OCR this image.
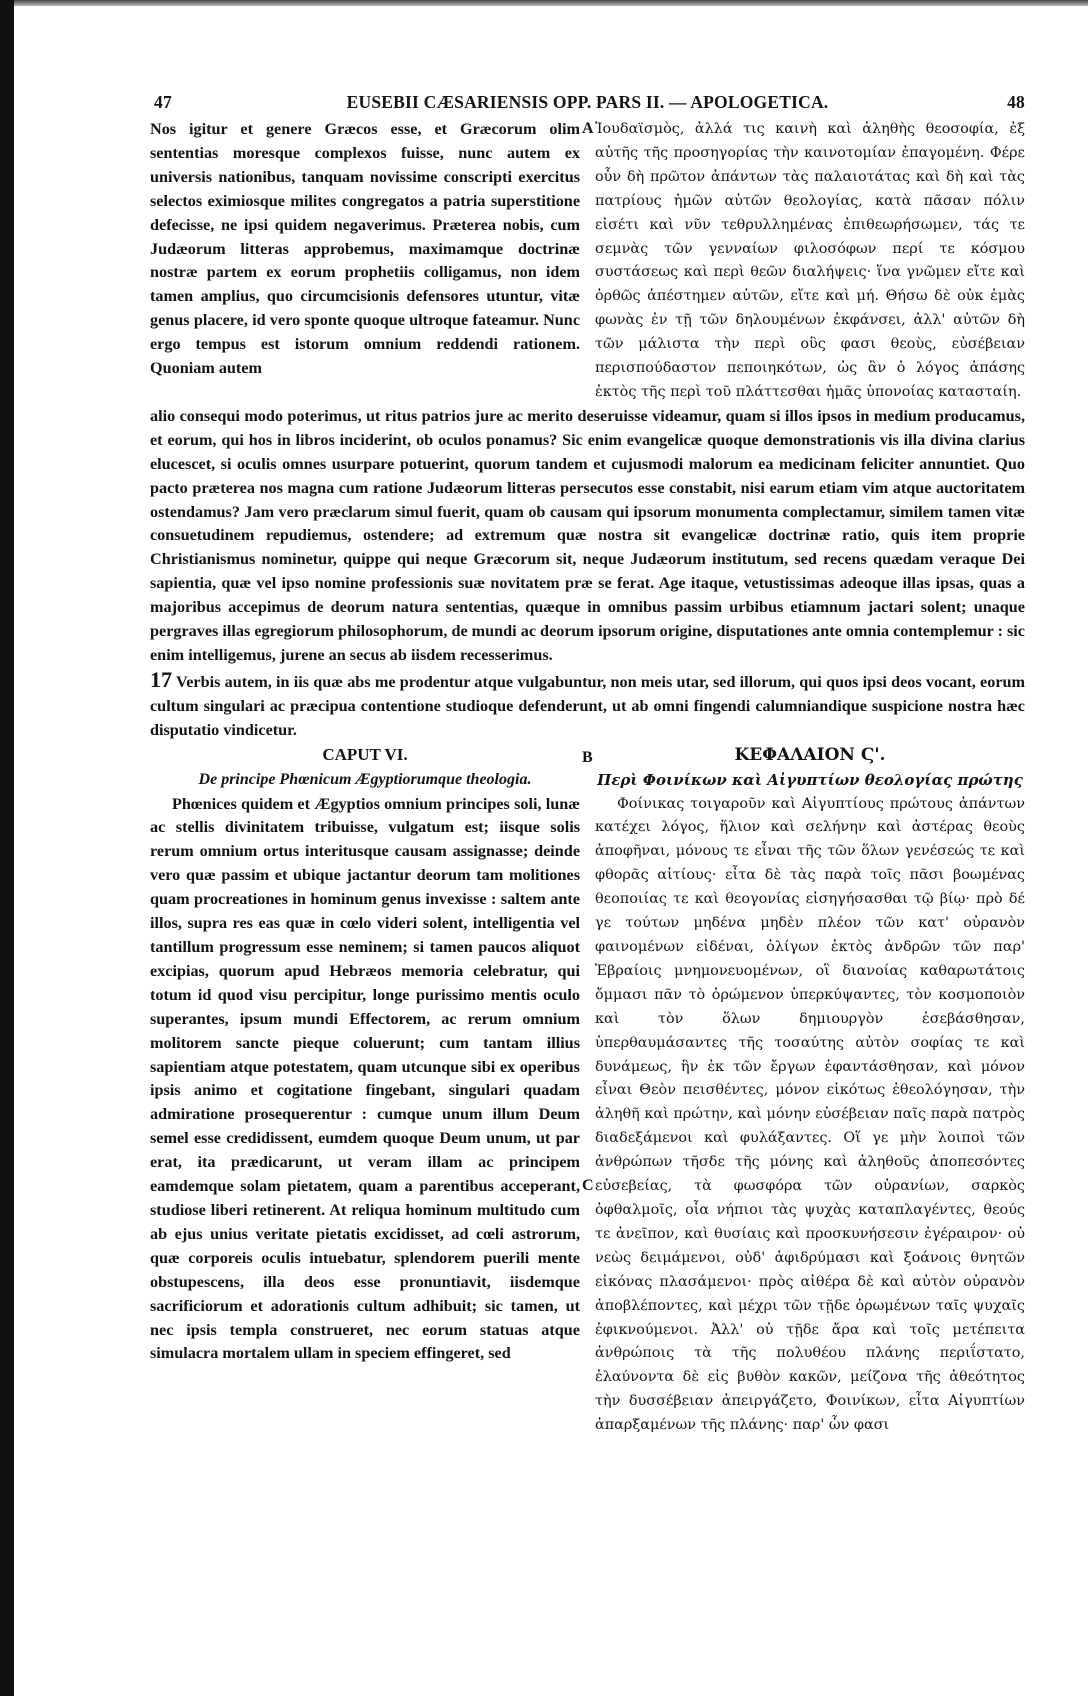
47	EUSEBII CÆSARIENSIS OPP. PARS II. — APOLOGETICA.	48

Nos igitur et genere Græcos esse, et Græcorum olim sententias moresque complexos fuisse, nunc autem ex universis nationibus, tanquam novissime conscripti exercitus selectos eximiosque milites congregatos a patria superstitione defecisse, ne ipsi quidem negaverimus. Præterea nobis, cum Judæorum litteras approbemus, maximamque doctrinæ nostræ partem ex eorum prophetiis colligamus, non idem tamen amplius, quo circumcisionis defensores utuntur, vitæ genus placere, id vero sponte quoque ultroque fateamur. Nunc ergo tempus est istorum omnium reddendi rationem. Quoniam autem

A Ἰουδαϊσμὸς, ἀλλά τις καινὴ καὶ ἀληθὴς θεοσοφία, ἐξ αὐτῆς τῆς προσηγορίας τὴν καινοτομίαν ἐπαγομένη. Φέρε οὖν δὴ πρῶτον ἁπάντων τὰς παλαιοτάτας καὶ δὴ καὶ τὰς πατρίους ἡμῶν αὐτῶν θεολογίας, κατὰ πᾶσαν πόλιν εἰσέτι καὶ νῦν τεθρυλλημένας ἐπιθεωρήσωμεν, τάς τε σεμνὰς τῶν γενναίων φιλοσόφων περί τε κόσμου συστάσεως καὶ περὶ θεῶν διαλήψεις· ἵνα γνῶμεν εἴτε καὶ ὀρθῶς ἀπέστημεν αὐτῶν, εἴτε καὶ μή. Θήσω δὲ οὐκ ἐμὰς φωνὰς ἐν τῇ τῶν δηλουμένων ἐκφάνσει, ἀλλ' αὐτῶν δὴ τῶν μάλιστα τὴν περὶ οὓς φασι θεοὺς, εὐσέβειαν περισπούδαστον πεποιηκότων, ὡς ἂν ὁ λόγος ἁπάσης ἐκτὸς τῆς περὶ τοῦ πλάττεσθαι ἡμᾶς ὑπονοίας κατασταίη.

alio consequi modo poterimus, ut ritus patrios jure ac merito deseruisse videamur, quam si illos ipsos in medium producamus, et eorum, qui hos in libros inciderint, ob oculos ponamus? Sic enim evangelicæ quoque demonstrationis vis illa divina clarius elucescet, si oculis omnes usurpare potuerint, quorum tandem et cujusmodi malorum ea medicinam feliciter annuntiet. Quo pacto præterea nos magna cum ratione Judæorum litteras persecutos esse constabit, nisi earum etiam vim atque auctoritatem ostendamus? Jam vero præclarum simul fuerit, quam ob causam qui ipsorum monumenta complectamur, similem tamen vitæ consuetudinem repudiemus, ostendere; ad extremum quæ nostra sit evangelicæ doctrinæ ratio, quis item proprie Christianismus nominetur, quippe qui neque Græcorum sit, neque Judæorum institutum, sed recens quædam veraque Dei sapientia, quæ vel ipso nomine professionis suæ novitatem præ se ferat. Age itaque, vetustissimas adeoque illas ipsas, quas a majoribus accepimus de deorum natura sententias, quæque in omnibus passim urbibus etiamnum jactari solent; unaque pergraves illas egregiorum philosophorum, de mundi ac deorum ipsorum origine, disputationes ante omnia contemplemur : sic enim intelligemus, jurene an secus ab iisdem recesserimus.

17 Verbis autem, in iis quæ abs me prodentur atque vulgabuntur, non meis utar, sed illorum, qui quos ipsi deos vocant, eorum cultum singulari ac præcipua contentione studioque defenderunt, ut ab omni fingendi calumniandique suspicione nostra hæc disputatio vindicetur.

CAPUT VI.	B	ΚΕΦΑΛΑΙΟΝ Ϛ'.
De principe Phœnicum Ægyptiorumque theologia.	Περὶ Φοινίκων καὶ Αἰγυπτίων θεολογίας πρώτης

Phœnices quidem et Ægyptios omnium principes soli, lunæ ac stellis divinitatem tribuisse, vulgatum est; iisque solis rerum omnium ortus interitusque causam assignasse; deinde vero quæ passim et ubique jactantur deorum tam molitiones quam procreationes in hominum genus invexisse : saltem ante illos, supra res eas quæ in cœlo videri solent, intelligentia vel tantillum progressum esse neminem; si tamen paucos aliquot excipias, quorum apud Hebræos memoria celebratur, qui totum id quod visu percipitur, longe purissimo mentis oculo superantes, ipsum mundi Effectorem, ac rerum omnium molitorem sancte pieque coluerunt; cum tantam illius sapientiam atque potestatem, quam utcunque sibi ex operibus ipsis animo et cogitatione fingebant, singulari quadam admiratione prosequerentur : cumque unum illum Deum semel esse credidissent, eumdem quoque Deum unum, ut par erat, ita prædicarunt, ut veram illam ac principem eamdemque solam pietatem, quam a parentibus acceperant, studiose liberi retinerent. At reliqua hominum multitudo cum ab ejus unius veritate pietatis excidisset, ad cœli astrorum, quæ corporeis oculis intuebatur, splendorem puerili mente obstupescens, illa deos esse pronuntiavit, iisdemque sacrificiorum et adorationis cultum adhibuit; sic tamen, ut nec ipsis templa construeret, nec eorum statuas atque simulacra mortalem ullam in speciem effingeret, sed

C

Φοίνικας τοιγαροῦν καὶ Αἰγυπτίους πρώτους ἁπάντων κατέχει λόγος, ἥλιον καὶ σελήνην καὶ ἀστέρας θεοὺς ἀποφῆναι, μόνους τε εἶναι τῆς τῶν ὅλων γενέσεώς τε καὶ φθορᾶς αἰτίους· εἶτα δὲ τὰς παρὰ τοῖς πᾶσι βοωμένας θεοποιίας τε καὶ θεογονίας εἰσηγήσασθαι τῷ βίῳ· πρὸ δέ γε τούτων μηδένα μηδὲν πλέον τῶν κατ' οὐρανὸν φαινομένων εἰδέναι, ὀλίγων ἐκτὸς ἀνδρῶν τῶν παρ' Ἑβραίοις μνημονευομένων, οἳ διανοίας καθαρωτάτοις ὄμμασι πᾶν τὸ ὁρώμενον ὑπερκύψαντες, τὸν κοσμοποιὸν καὶ τὸν ὅλων δημιουργὸν ἐσεβάσθησαν, ὑπερθαυμάσαντες τῆς τοσαύτης αὐτὸν σοφίας τε καὶ δυνάμεως, ἣν ἐκ τῶν ἔργων ἐφαντάσθησαν, καὶ μόνον εἶναι Θεὸν πεισθέντες, μόνον εἰκότως ἐθεολόγησαν, τὴν ἀληθῆ καὶ πρώτην, καὶ μόνην εὐσέβειαν παῖς παρὰ πατρὸς διαδεξάμενοι καὶ φυλάξαντες. Οἵ γε μὴν λοιποὶ τῶν ἀνθρώπων τῆσδε τῆς μόνης καὶ ἀληθοῦς ἀποπεσόντες εὐσεβείας, τὰ φωσφόρα τῶν οὐρανίων, σαρκὸς ὀφθαλμοῖς, οἷα νήπιοι τὰς ψυχὰς καταπλαγέντες, θεούς τε ἀνεῖπον, καὶ θυσίαις καὶ προσκυνήσεσιν ἐγέραιρον· οὐ νεὼς δειμάμενοι, οὐδ' ἀφιδρύμασι καὶ ξοάνοις θνητῶν εἰκόνας πλασάμενοι· πρὸς αἰθέρα δὲ καὶ αὐτὸν οὐρανὸν ἀποβλέποντες, καὶ μέχρι τῶν τῇδε ὁρωμένων ταῖς ψυχαῖς ἐφικνούμενοι. Ἀλλ' οὐ τῇδε ἄρα καὶ τοῖς μετέπειτα ἀνθρώποις τὰ τῆς πολυθέου πλάνης περιΐστατο, ἐλαύνοντα δὲ εἰς βυθὸν κακῶν, μείζονα τῆς ἀθεότητος τὴν δυσσέβειαν ἀπειργάζετο, Φοινίκων, εἶτα Αἰγυπτίων ἀπαρξαμένων τῆς πλάνης· παρ' ὧν φασι
